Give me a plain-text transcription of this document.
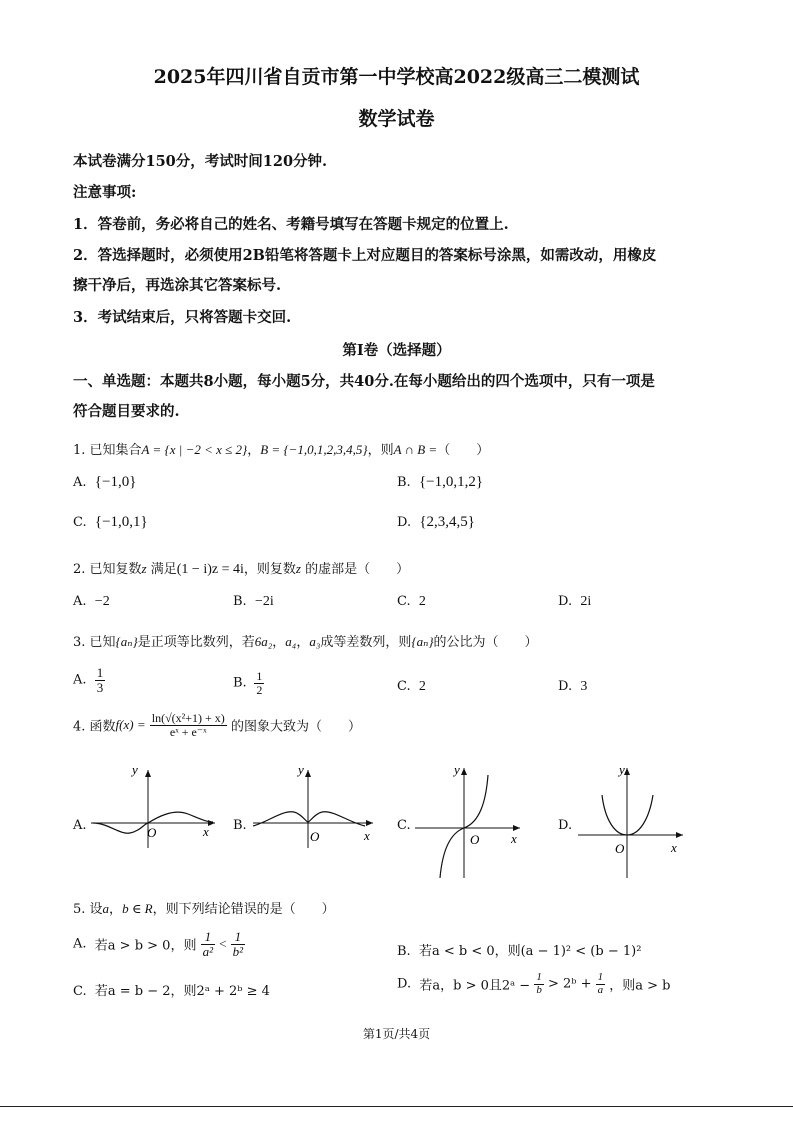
2025年四川省自贡市第一中学校高2022级高三二模测试
数学试卷
本试卷满分150分，考试时间120分钟.
注意事项:
1．答卷前，务必将自己的姓名、考籍号填写在答题卡规定的位置上.
2．答选择题时，必须使用2B铅笔将答题卡上对应题目的答案标号涂黑，如需改动，用橡皮
擦干净后，再选涂其它答案标号.
3．考试结束后，只将答题卡交回.
第I卷（选择题）
一、单选题：本题共8小题，每小题5分，共40分.在每小题给出的四个选项中，只有一项是
符合题目要求的.
1. 已知集合A = {x | −2 < x ≤ 2}，B = {−1,0,1,2,3,4,5}，则A ∩ B =（　　）
A. {−1,0}	B. {−1,0,1,2}
C. {−1,0,1}	D. {2,3,4,5}
2. 已知复数z 满足(1 − i)z = 4i，则复数z 的虚部是（　　）
A. −2	B. −2i	C. 2	D. 2i
3. 已知{aₙ}是正项等比数列，若6a₂，a₄，a₃成等差数列，则{aₙ}的公比为（　　）
A. $\frac{1}{3}$	B. $\frac{1}{2}$	C. 2	D. 3
4. 函数$f(x) = \frac{\text{ln(√(x²+1) + x)}}{\text{eˣ + e⁻ˣ}}$ 的图象大致为（　　）
A.
y
x
O	B.
y
x
O
C.
y
x
O
D.
y
x
O
5. 设a，b ∈ R，则下列结论错误的是（　　）
A. 若a > b > 0，则 $\frac{1}{\text{a²}} < \frac{1}{\text{b²}}$	B. 若a < b < 0，则(a − 1)² < (b − 1)²
C. 若a = b − 2，则2ᵃ + 2ᵇ ≥ 4	D. 若a，b > 0且2ᵃ − $\frac{1}{b}$ > 2ᵇ + $\frac{1}{a}$ ，则a > b
第1页/共4页
